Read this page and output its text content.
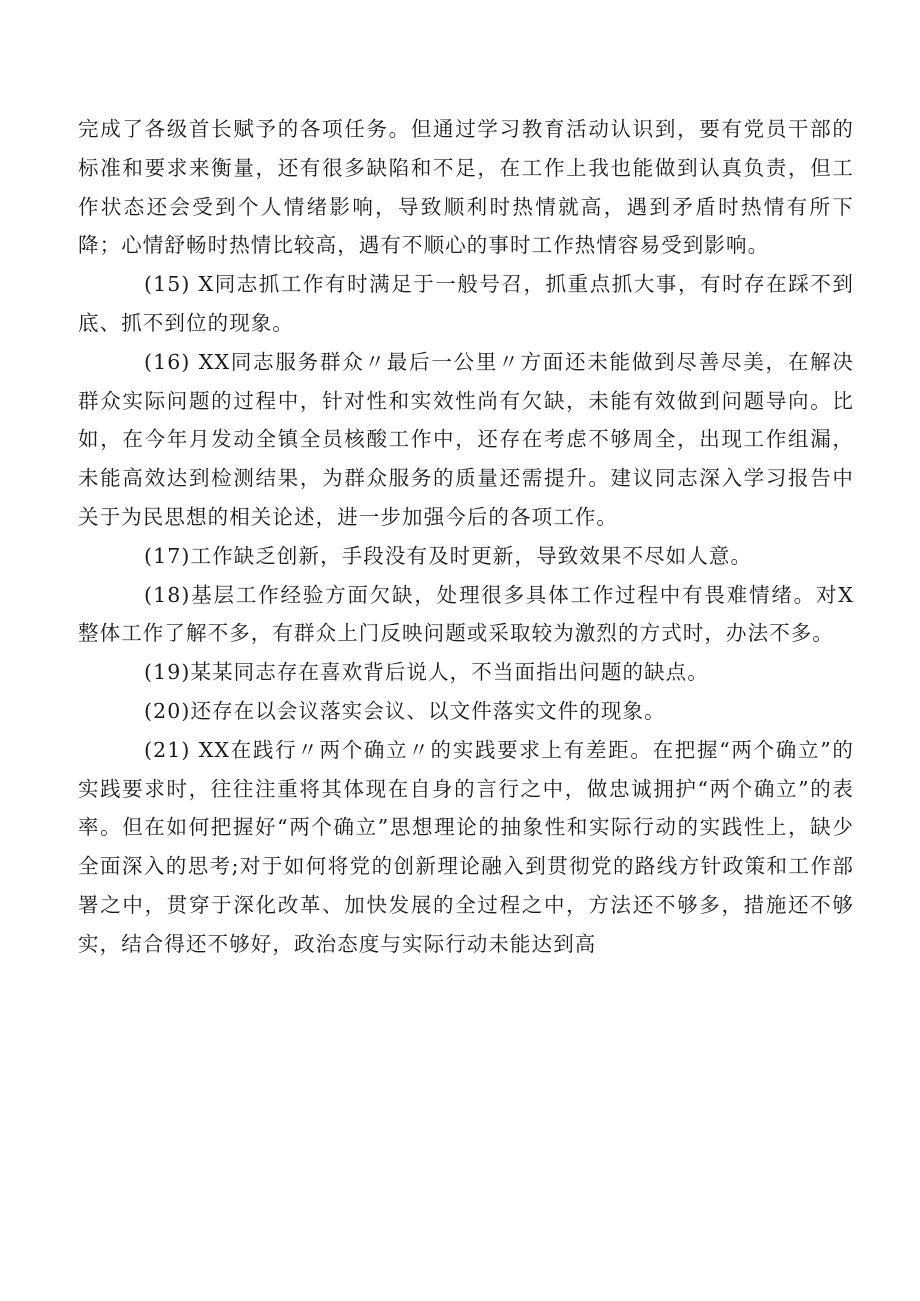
完成了各级首长赋予的各项任务。但通过学习教育活动认识到，要有党员干部的标准和要求来衡量，还有很多缺陷和不足，在工作上我也能做到认真负责，但工作状态还会受到个人情绪影响，导致顺利时热情就高，遇到矛盾时热情有所下降；心情舒畅时热情比较高，遇有不顺心的事时工作热情容易受到影响。

(15) X同志抓工作有时满足于一般号召，抓重点抓大事，有时存在踩不到底、抓不到位的现象。

(16) XX同志服务群众〃最后一公里〃方面还未能做到尽善尽美，在解决群众实际问题的过程中，针对性和实效性尚有欠缺，未能有效做到问题导向。比如，在今年月发动全镇全员核酸工作中，还存在考虑不够周全，出现工作组漏，未能高效达到检测结果，为群众服务的质量还需提升。建议同志深入学习报告中关于为民思想的相关论述，进一步加强今后的各项工作。

(17)工作缺乏创新，手段没有及时更新，导致效果不尽如人意。

(18)基层工作经验方面欠缺，处理很多具体工作过程中有畏难情绪。对X整体工作了解不多，有群众上门反映问题或采取较为激烈的方式时，办法不多。

(19)某某同志存在喜欢背后说人，不当面指出问题的缺点。

(20)还存在以会议落实会议、以文件落实文件的现象。

(21) XX在践行〃两个确立〃的实践要求上有差距。在把握“两个确立”的实践要求时，往往注重将其体现在自身的言行之中，做忠诚拥护“两个确立”的表率。但在如何把握好“两个确立”思想理论的抽象性和实际行动的实践性上，缺少全面深入的思考;对于如何将党的创新理论融入到贯彻党的路线方针政策和工作部署之中，贯穿于深化改革、加快发展的全过程之中，方法还不够多，措施还不够实，结合得还不够好，政治态度与实际行动未能达到高
